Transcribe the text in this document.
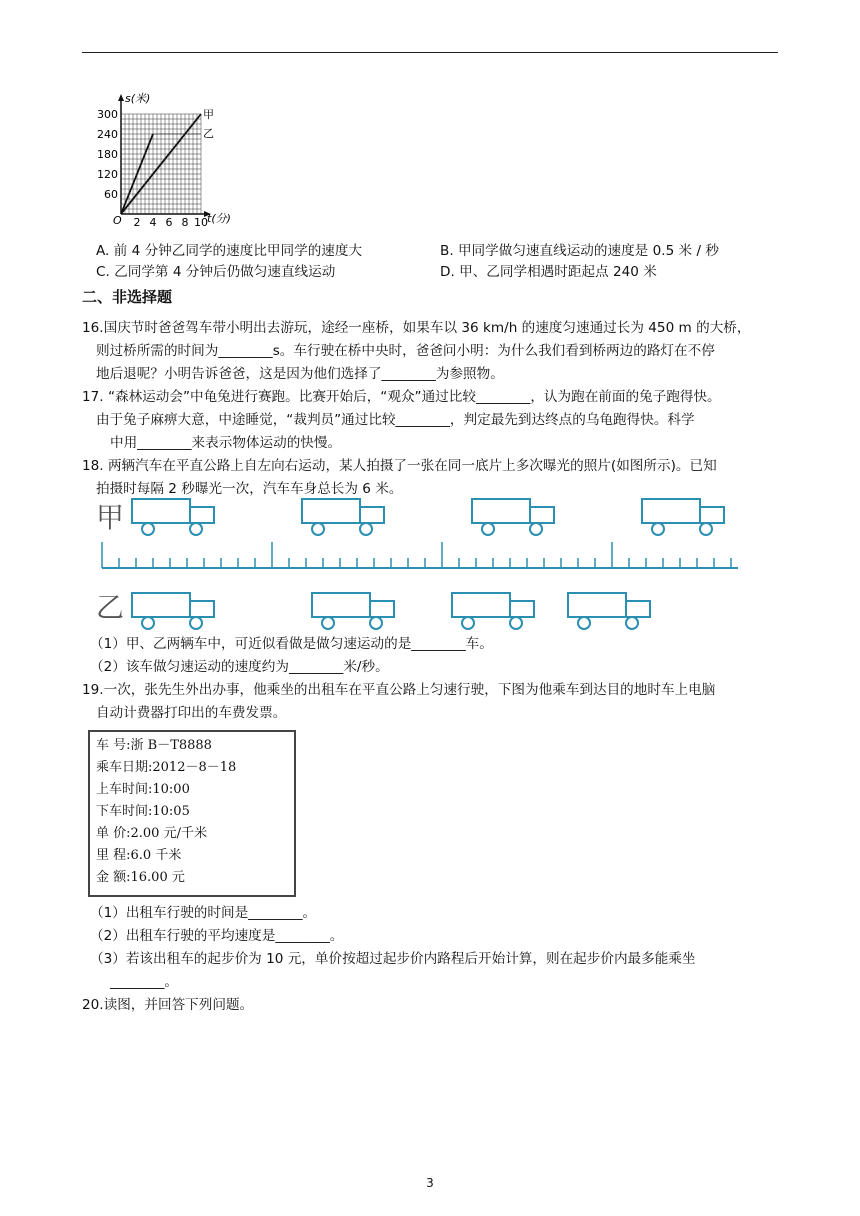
s(米)
t(分)
O
60
120
180
240
300
2 4 6 8 10
甲
乙
A. 前 4 分钟乙同学的速度比甲同学的速度大	B. 甲同学做匀速直线运动的速度是 0.5 米 / 秒
C. 乙同学第 4 分钟后仍做匀速直线运动	D. 甲、乙同学相遇时距起点 240 米
二、非选择题
16.国庆节时爸爸驾车带小明出去游玩，途经一座桥，如果车以 36 km/h 的速度匀速通过长为 450 m 的大桥，
则过桥所需的时间为________s。车行驶在桥中央时，爸爸问小明：为什么我们看到桥两边的路灯在不停
地后退呢？小明告诉爸爸，这是因为他们选择了________为参照物。
17. “森林运动会”中龟兔进行赛跑。比赛开始后，“观众”通过比较________，认为跑在前面的兔子跑得快。
由于兔子麻痹大意，中途睡觉，“裁判员”通过比较________，判定最先到达终点的乌龟跑得快。科学
中用________来表示物体运动的快慢。
18. 两辆汽车在平直公路上自左向右运动，某人拍摄了一张在同一底片上多次曝光的照片(如图所示)。已知
拍摄时每隔 2 秒曝光一次，汽车车身总长为 6 米。
甲
乙
（1）甲、乙两辆车中，可近似看做是做匀速运动的是________车。
（2）该车做匀速运动的速度约为________米/秒。
19.一次，张先生外出办事，他乘坐的出租车在平直公路上匀速行驶，下图为他乘车到达目的地时车上电脑
自动计费器打印出的车费发票。
车 号:浙 B－T8888
乘车日期:2012－8－18
上车时间:10:00
下车时间:10:05
单 价:2.00 元/千米
里 程:6.0 千米
金 额:16.00 元
（1）出租车行驶的时间是________。
（2）出租车行驶的平均速度是________。
（3）若该出租车的起步价为 10 元，单价按超过起步价内路程后开始计算，则在起步价内最多能乘坐
________。
20.读图，并回答下列问题。
3
